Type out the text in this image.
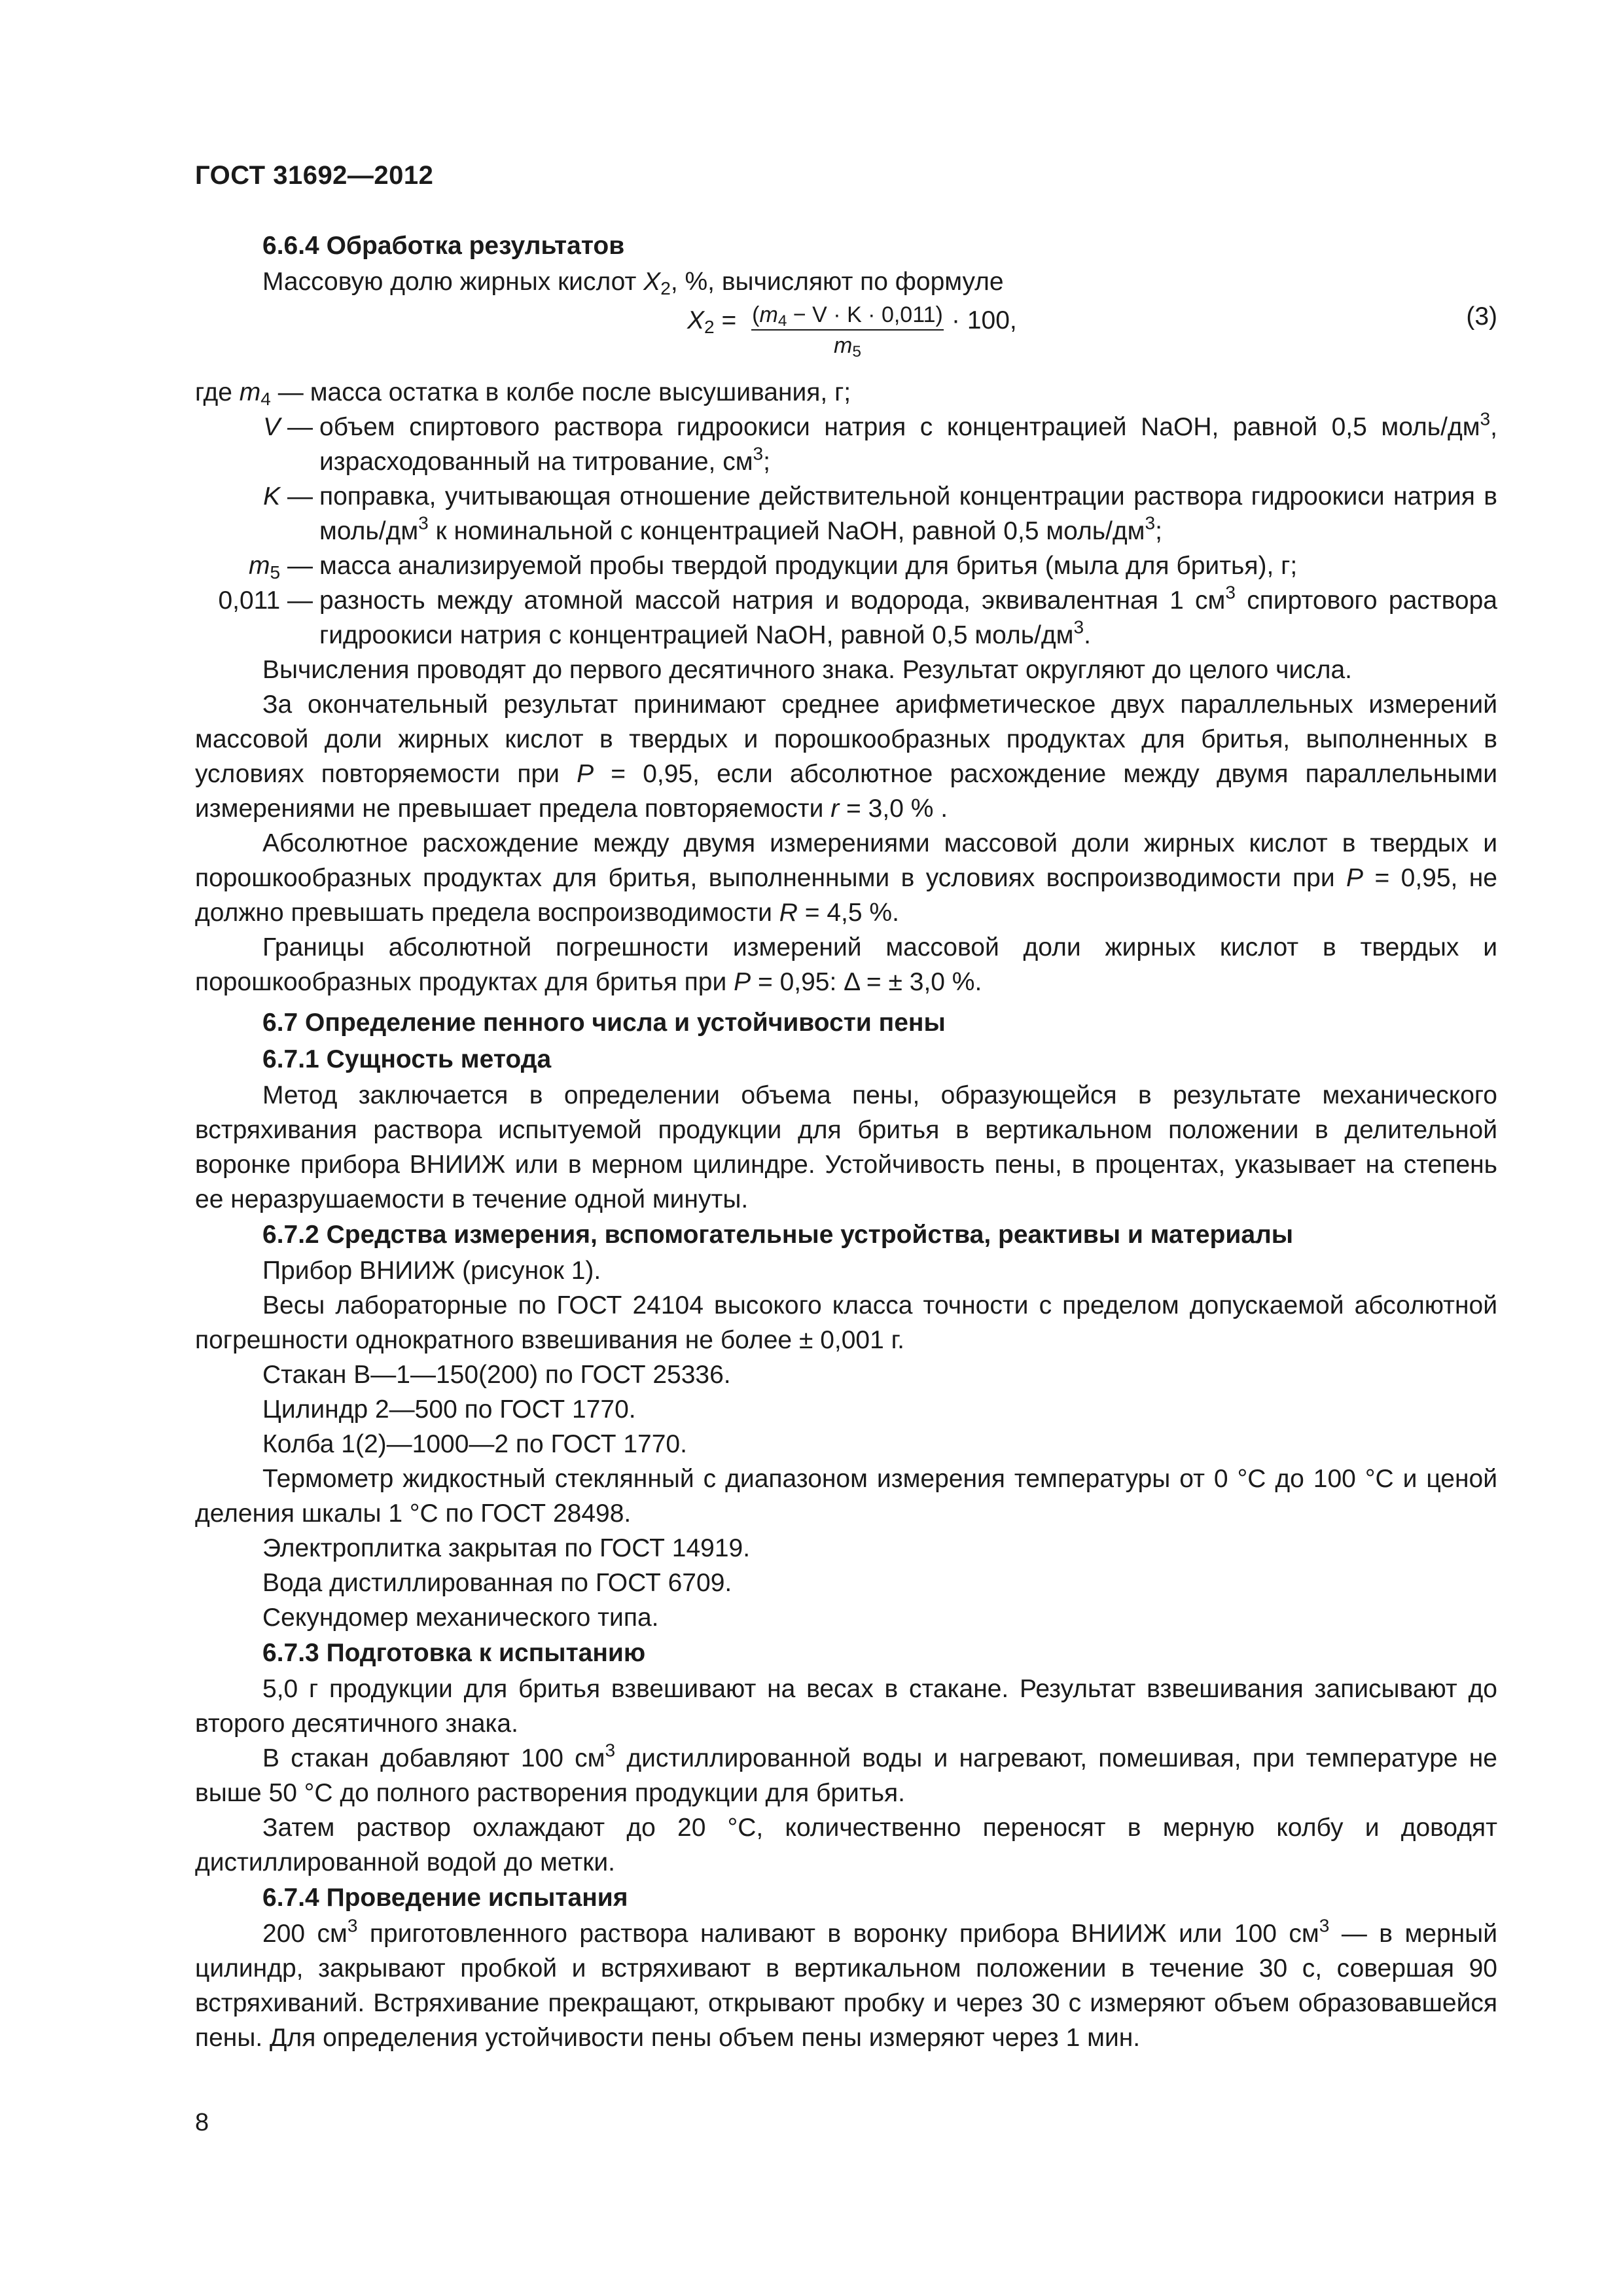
ГОСТ 31692—2012
6.6.4 Обработка результатов

Массовую долю жирных кислот $X_2$, %, вычисляют по формуле

$X_2 = (m_4 - V \cdot K \cdot 0,011)$
$m_5$
· 100,	(3)
где $m_4$ — масса остатка в колбе после высушивания, г;
V — объем спиртового раствора гидроокиси натрия с концентрацией NaOH, равной 0,5 моль/$дм^3$, израсходованный на титрование, $см^3$;
K — поправка, учитывающая отношение действительной концентрации раствора гидроокиси натрия в моль/$дм^3$ к номинальной с концентрацией NaOH, равной 0,5 моль/$дм^3$;
$m_5$ — масса анализируемой пробы твердой продукции для бритья (мыла для бритья), г;
0,011 — разность между атомной массой натрия и водорода, эквивалентная 1 $см^3$ спиртового раствора гидроокиси натрия с концентрацией NaOH, равной 0,5 моль/$дм^3$.

Вычисления проводят до первого десятичного знака. Результат округляют до целого числа.

За окончательный результат принимают среднее арифметическое двух параллельных измерений массовой доли жирных кислот в твердых и порошкообразных продуктах для бритья, выполненных в условиях повторяемости при P = 0,95, если абсолютное расхождение между двумя параллельными измерениями не превышает предела повторяемости r = 3,0 % .

Абсолютное расхождение между двумя измерениями массовой доли жирных кислот в твердых и порошкообразных продуктах для бритья, выполненными в условиях воспроизводимости при P = 0,95, не должно превышать предела воспроизводимости R = 4,5 %.

Границы абсолютной погрешности измерений массовой доли жирных кислот в твердых и порошкообразных продуктах для бритья при P = 0,95: Δ = ± 3,0 %.

6.7 Определение пенного числа и устойчивости пены
6.7.1 Сущность метода

Метод заключается в определении объема пены, образующейся в результате механического встряхивания раствора испытуемой продукции для бритья в вертикальном положении в делительной воронке прибора ВНИИЖ или в мерном цилиндре. Устойчивость пены, в процентах, указывает на степень ее неразрушаемости в течение одной минуты.

6.7.2 Средства измерения, вспомогательные устройства, реактивы и материалы

Прибор ВНИИЖ (рисунок 1).

Весы лабораторные по ГОСТ 24104 высокого класса точности с пределом допускаемой абсолютной погрешности однократного взвешивания не более ± 0,001 г.

Стакан В—1—150(200) по ГОСТ 25336.

Цилиндр 2—500 по ГОСТ 1770.

Колба 1(2)—1000—2 по ГОСТ 1770.

Термометр жидкостный стеклянный с диапазоном измерения температуры от 0 °С до 100 °С и ценой деления шкалы 1 °С по ГОСТ 28498.

Электроплитка закрытая по ГОСТ 14919.

Вода дистиллированная по ГОСТ 6709.

Секундомер механического типа.

6.7.3 Подготовка к испытанию

5,0 г продукции для бритья взвешивают на весах в стакане. Результат взвешивания записывают до второго десятичного знака.

В стакан добавляют 100 $см^3$ дистиллированной воды и нагревают, помешивая, при температуре не выше 50 °С до полного растворения продукции для бритья.

Затем раствор охлаждают до 20 °С, количественно переносят в мерную колбу и доводят дистиллированной водой до метки.

6.7.4 Проведение испытания

200 $см^3$ приготовленного раствора наливают в воронку прибора ВНИИЖ или 100 $см^3$ — в мерный цилиндр, закрывают пробкой и встряхивают в вертикальном положении в течение 30 с, совершая 90 встряхиваний. Встряхивание прекращают, открывают пробку и через 30 с измеряют объем образовавшейся пены. Для определения устойчивости пены объем пены измеряют через 1 мин.

8
